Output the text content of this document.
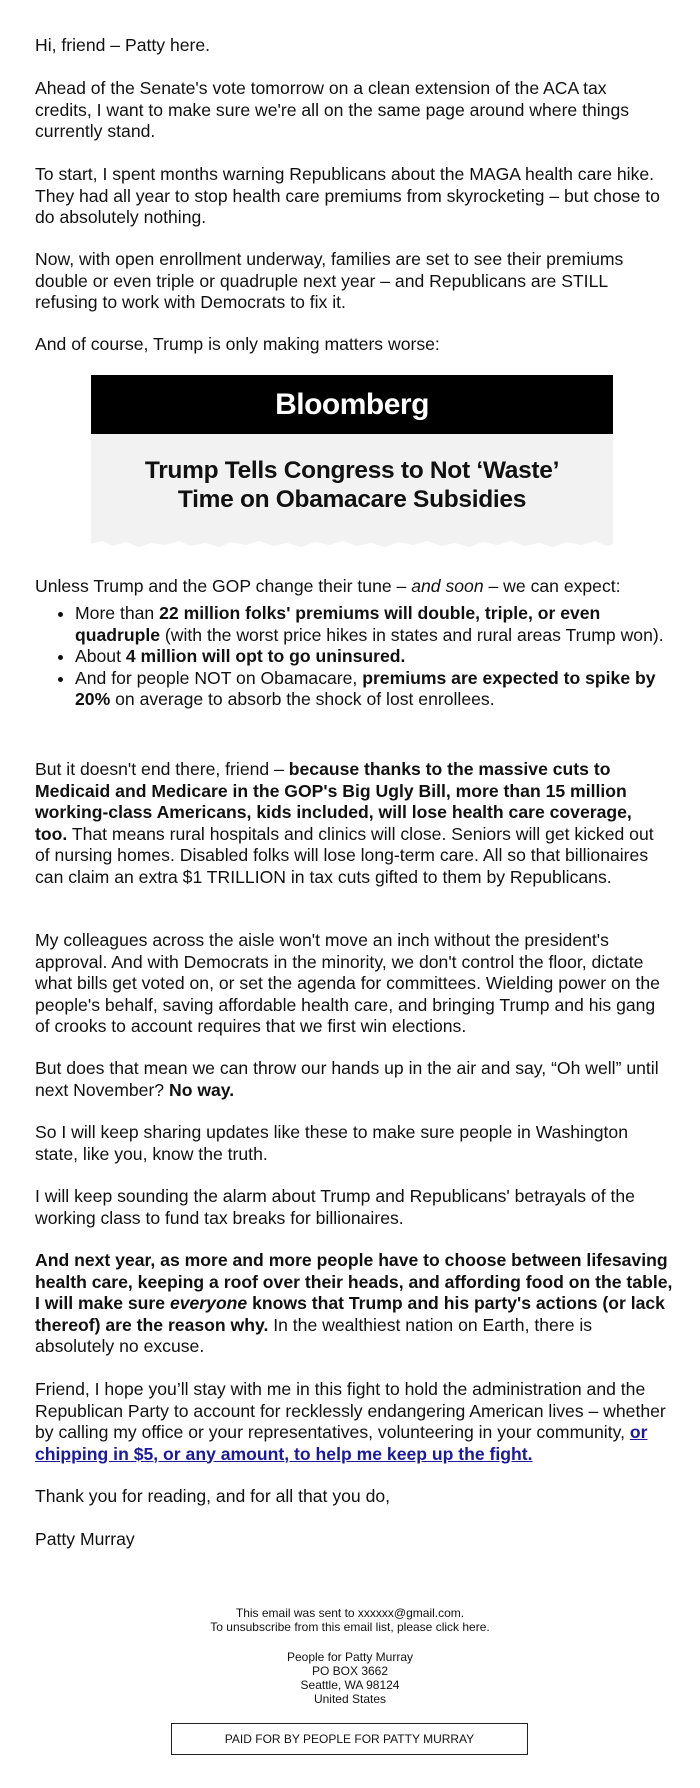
Hi, friend – Patty here.

Ahead of the Senate's vote tomorrow on a clean extension of the ACA tax credits, I want to make sure we're all on the same page around where things currently stand.

To start, I spent months warning Republicans about the MAGA health care hike. They had all year to stop health care premiums from skyrocketing – but chose to do absolutely nothing.

Now, with open enrollment underway, families are set to see their premiums double or even triple or quadruple next year – and Republicans are STILL refusing to work with Democrats to fix it.

And of course, Trump is only making matters worse:

Bloomberg
Trump Tells Congress to Not ‘Waste’
Time on Obamacare Subsidies

Unless Trump and the GOP change their tune – and soon – we can expect:

• More than 22 million folks' premiums will double, triple, or even quadruple (with the worst price hikes in states and rural areas Trump won).
• About 4 million will opt to go uninsured.
• And for people NOT on Obamacare, premiums are expected to spike by 20% on average to absorb the shock of lost enrollees.

But it doesn't end there, friend – because thanks to the massive cuts to Medicaid and Medicare in the GOP's Big Ugly Bill, more than 15 million working-class Americans, kids included, will lose health care coverage, too. That means rural hospitals and clinics will close. Seniors will get kicked out of nursing homes. Disabled folks will lose long-term care. All so that billionaires can claim an extra $1 TRILLION in tax cuts gifted to them by Republicans.

My colleagues across the aisle won't move an inch without the president's approval. And with Democrats in the minority, we don't control the floor, dictate what bills get voted on, or set the agenda for committees. Wielding power on the people's behalf, saving affordable health care, and bringing Trump and his gang of crooks to account requires that we first win elections.

But does that mean we can throw our hands up in the air and say, “Oh well” until next November? No way.

So I will keep sharing updates like these to make sure people in Washington state, like you, know the truth.

I will keep sounding the alarm about Trump and Republicans' betrayals of the working class to fund tax breaks for billionaires.

And next year, as more and more people have to choose between lifesaving health care, keeping a roof over their heads, and affording food on the table, I will make sure everyone knows that Trump and his party's actions (or lack thereof) are the reason why. In the wealthiest nation on Earth, there is absolutely no excuse.

Friend, I hope you’ll stay with me in this fight to hold the administration and the Republican Party to account for recklessly endangering American lives – whether by calling my office or your representatives, volunteering in your community, or chipping in $5, or any amount, to help me keep up the fight.

Thank you for reading, and for all that you do,

Patty Murray

This email was sent to xxxxxx@gmail.com.
To unsubscribe from this email list, please click here.
People for Patty Murray
PO BOX 3662
Seattle, WA 98124
United States
PAID FOR BY PEOPLE FOR PATTY MURRAY
